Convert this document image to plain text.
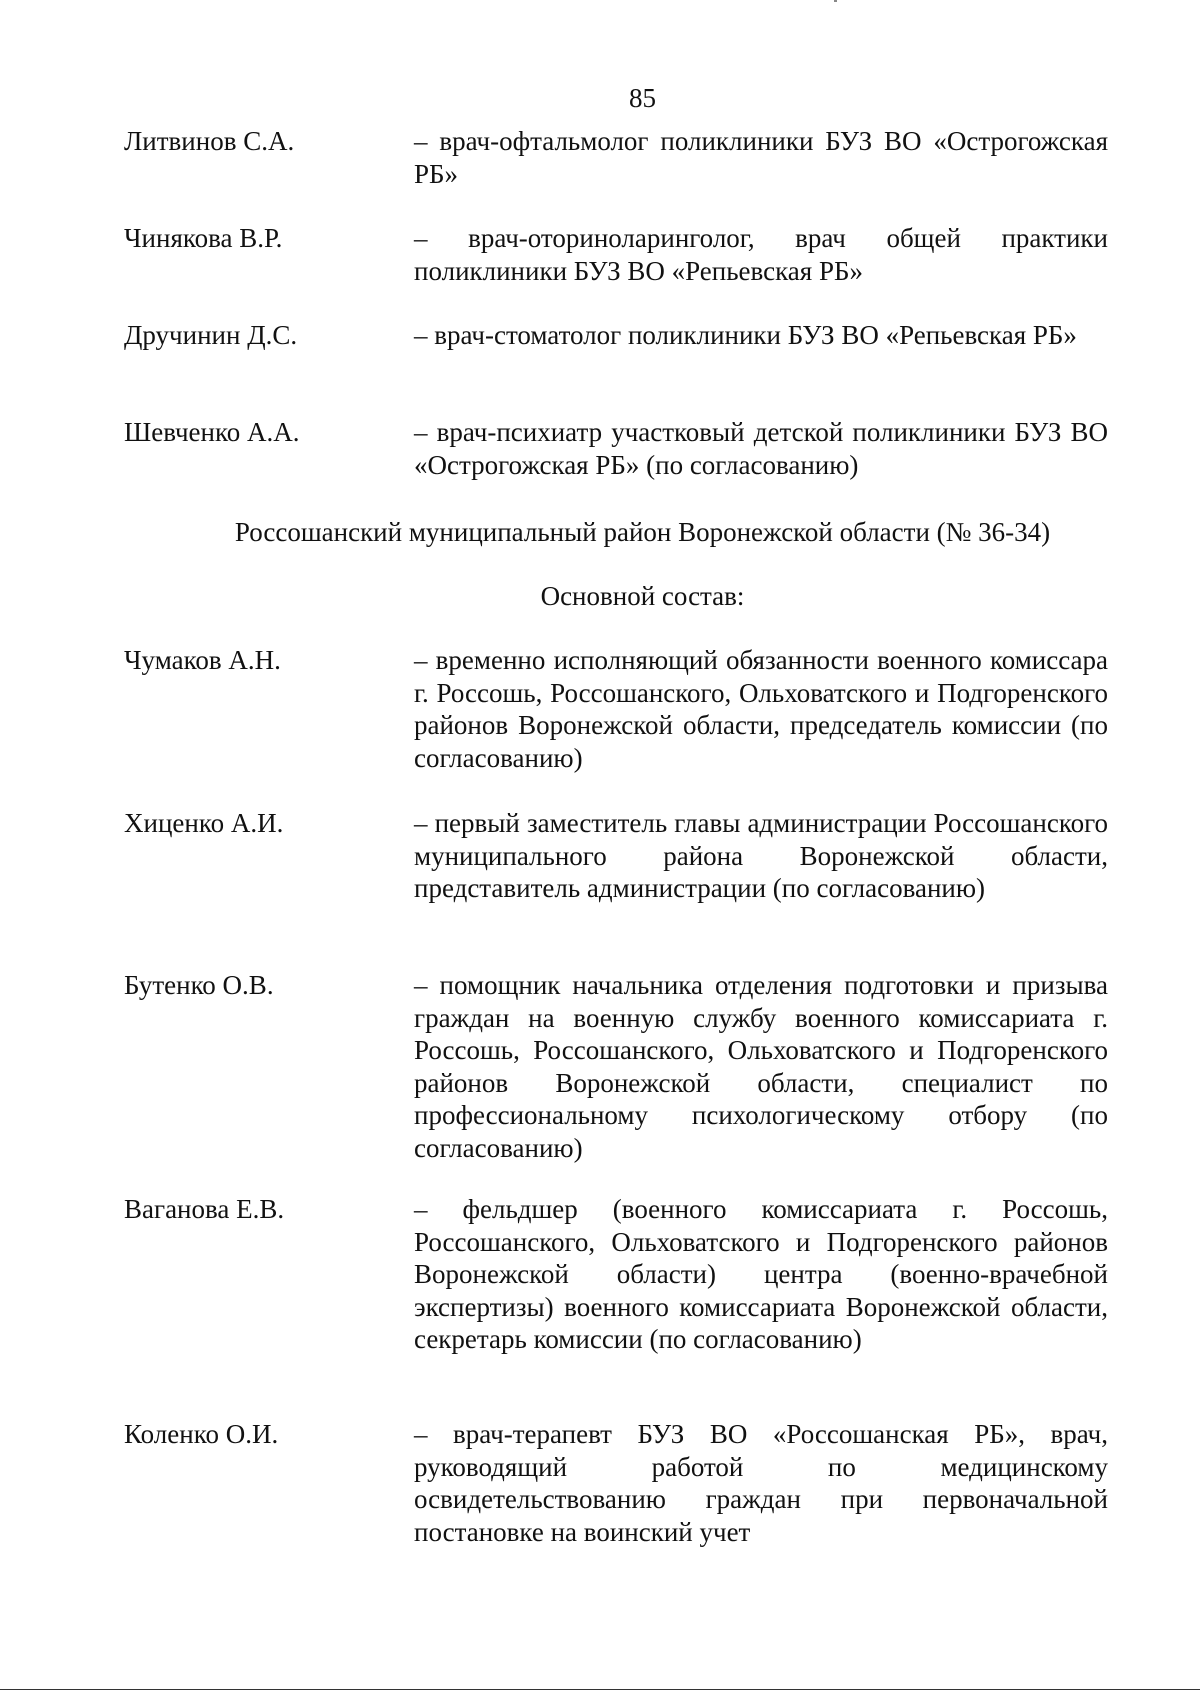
85
Литвинов С.А.	– врач-офтальмолог поликлиники БУЗ ВО «Острогожская РБ»
Чинякова В.Р.	– врач-оториноларинголог, врач общей практики поликлиники БУЗ ВО «Репьевская РБ»
Дручинин Д.С.	– врач-стоматолог поликлиники БУЗ ВО «Репьевская РБ»
Шевченко А.А.	– врач-психиатр участковый детской поликлиники БУЗ ВО «Острогожская РБ» (по согласованию)
Россошанский муниципальный район Воронежской области (№ 36-34)
Основной состав:
Чумаков А.Н.	– временно исполняющий обязанности военного комиссара г. Россошь, Россошанского, Ольховатского и Подгоренского районов Воронежской области, председатель комиссии (по согласованию)
Хиценко А.И.	– первый заместитель главы администрации Россошанского муниципального района Воронежской области, представитель администрации (по согласованию)
Бутенко О.В.	– помощник начальника отделения подготовки и призыва граждан на военную службу военного комиссариата г. Россошь, Россошанского, Ольховатского и Подгоренского районов Воронежской области, специалист по профессиональному психологическому отбору (по согласованию)
Ваганова Е.В.	– фельдшер (военного комиссариата г. Россошь, Россошанского, Ольховатского и Подгоренского районов Воронежской области) центра (военно-врачебной экспертизы) военного комиссариата Воронежской области, секретарь комиссии (по согласованию)
Коленко О.И.	– врач-терапевт БУЗ ВО «Россошанская РБ», врач, руководящий работой по медицинскому освидетельствованию граждан при первоначальной постановке на воинский учет
